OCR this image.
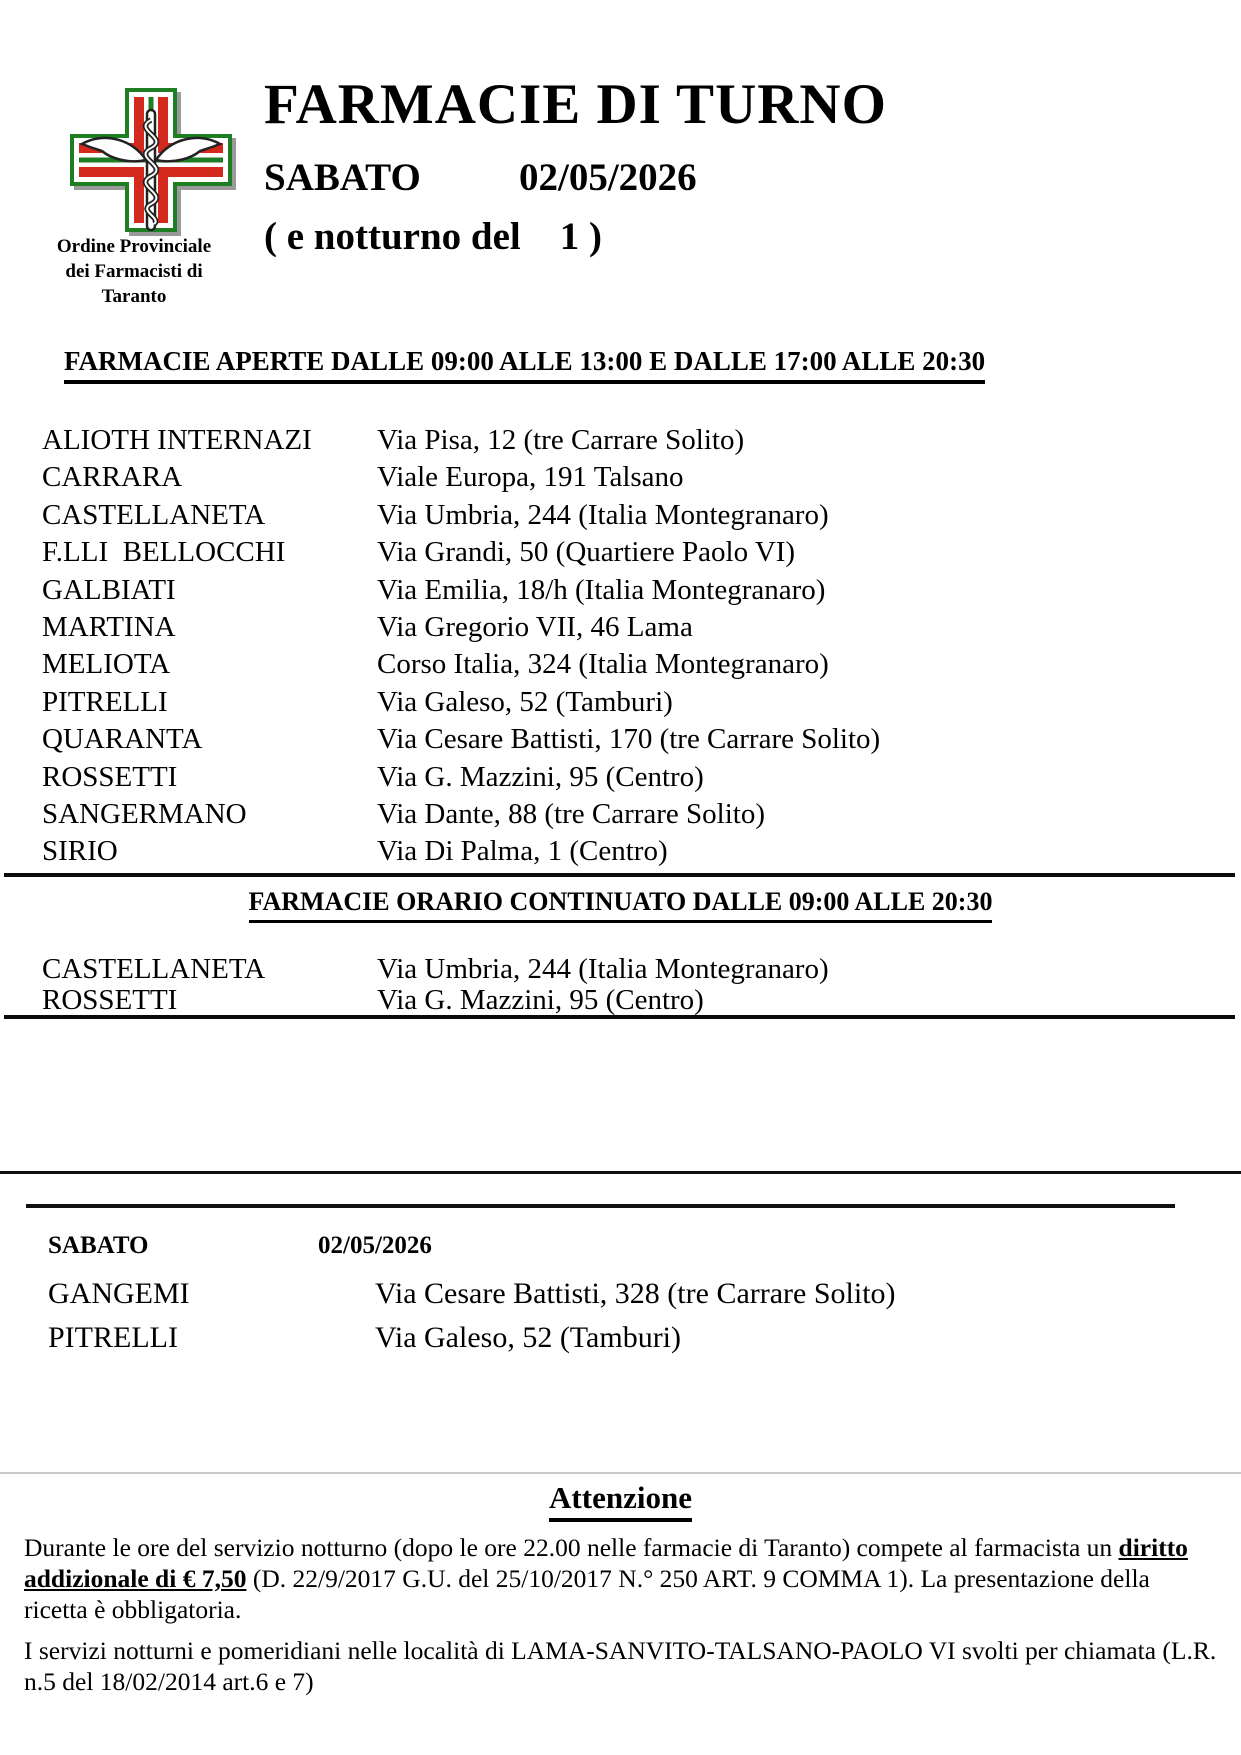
Ordine Provinciale
dei Farmacisti di
Taranto
FARMACIE DI TURNO
SABATO	02/05/2026
( e notturno del    1 )
FARMACIE APERTE DALLE 09:00 ALLE 13:00 E DALLE 17:00 ALLE 20:30
ALIOTH INTERNAZI	Via Pisa, 12 (tre Carrare Solito)
CARRARA	Viale Europa, 191 Talsano
CASTELLANETA	Via Umbria, 244 (Italia Montegranaro)
F.LLI  BELLOCCHI	Via Grandi, 50 (Quartiere Paolo VI)
GALBIATI	Via Emilia, 18/h (Italia Montegranaro)
MARTINA	Via Gregorio VII, 46 Lama
MELIOTA	Corso Italia, 324 (Italia Montegranaro)
PITRELLI	Via Galeso, 52 (Tamburi)
QUARANTA	Via Cesare Battisti, 170 (tre Carrare Solito)
ROSSETTI	Via G. Mazzini, 95 (Centro)
SANGERMANO	Via Dante, 88 (tre Carrare Solito)
SIRIO	Via Di Palma, 1 (Centro)
FARMACIE ORARIO CONTINUATO DALLE 09:00 ALLE 20:30
CASTELLANETA	Via Umbria, 244 (Italia Montegranaro)
ROSSETTI	Via G. Mazzini, 95 (Centro)
SABATO	02/05/2026
GANGEMI	Via Cesare Battisti, 328 (tre Carrare Solito)
PITRELLI	Via Galeso, 52 (Tamburi)
Attenzione

Durante le ore del servizio notturno (dopo le ore 22.00 nelle farmacie di Taranto) compete al farmacista un diritto addizionale di € 7,50 (D. 22/9/2017 G.U. del 25/10/2017 N.° 250 ART. 9 COMMA 1). La presentazione della ricetta è obbligatoria.

I servizi notturni e pomeridiani nelle località di LAMA-SANVITO-TALSANO-PAOLO VI svolti per chiamata (L.R. n.5 del 18/02/2014 art.6 e 7)
